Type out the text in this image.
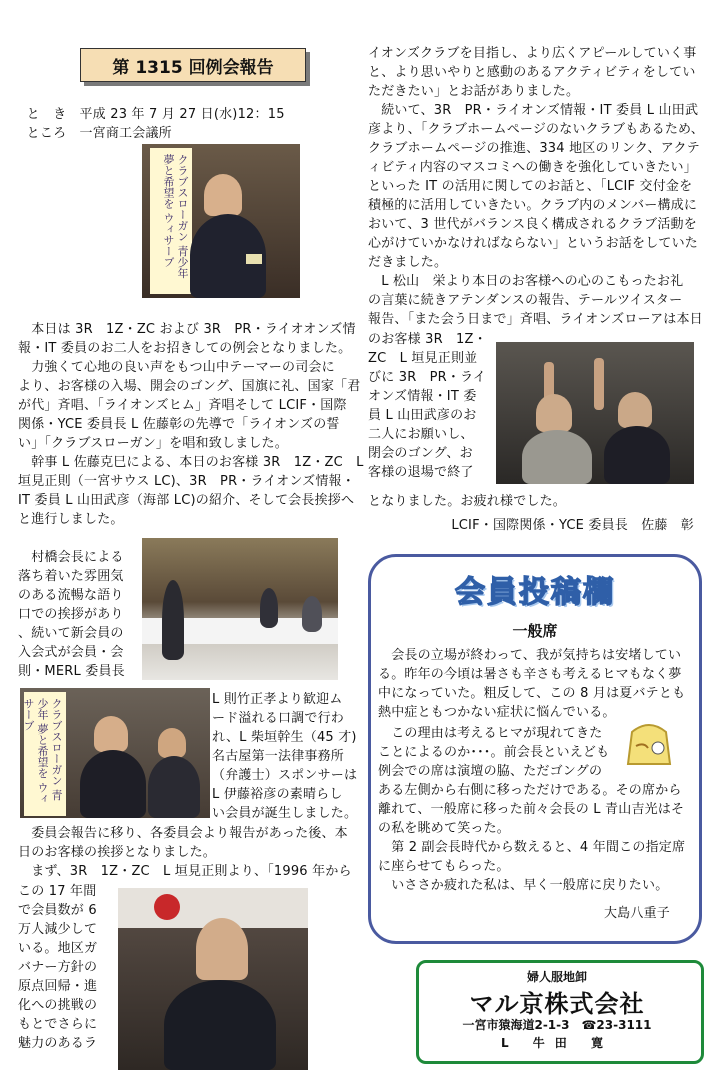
第 1315 回例会報告

と　き　 平成 23 年 7 月 27 日(水)12：15

ところ　 一宮商工会議所

クラブスローガン 青少年 夢と希望を ウィサーブ
　本日は 3R　1Z・ZC および 3R　PR・ライオオンズ情
報・IT 委員のお二人をお招きしての例会となりました。
　力強くて心地の良い声をもつ山中テーマーの司会に
より、お客様の入場、開会のゴング、国旗に礼、国家「君
が代」斉唱、「ライオンズヒム」斉唱そして LCIF・国際
関係・YCE 委員長 L 佐藤彰の先導で「ライオンズの誓
い」「クラブスローガン」を唱和致しました。
　幹事 L 佐藤克巳による、本日のお客様 3R　1Z・ZC　L
垣見正則（一宮サウス LC)、3R　PR・ライオンズ情報・
IT 委員 L 山田武彦（海部 LC)の紹介、そして会長挨拶へ
と進行しました。
　村橋会長による
落ち着いた雰囲気
のある流暢な語り
口での挨拶があり
、続いて新会員の
入会式が会員・会
則・MERL 委員長
クラブスローガン 青少年 夢と希望を ウィサーブ	L 則竹正孝より歓迎ム
ード溢れる口調で行わ
れ、L 柴垣幹生（45 才)
名古屋第一法律事務所
（弁護士）スポンサーは
L 伊藤裕彦の素晴らし
い会員が誕生しました。
　委員会報告に移り、各委員会より報告があった後、本
日のお客様の挨拶となりました。
　まず、3R　1Z・ZC　L 垣見正則より、「1996 年から
この 17 年間
で会員数が 6
万人減少して
いる。地区ガ
バナー方針の
原点回帰・進
化への挑戦の
もとでさらに
魅力のあるラ
イオンズクラブを目指し、より広くアピールしていく事
と、より思いやりと感動のあるアクティビティをしてい
ただきたい」とお話がありました。
　続いて、3R　PR・ライオンズ情報・IT 委員 L 山田武
彦より、「クラブホームページのないクラブもあるため、
クラブホームページの推進、334 地区のリンク、アクテ
ィビティ内容のマスコミへの働きを強化していきたい」
といった IT の活用に関してのお話と、「LCIF 交付金を
積極的に活用していきたい。クラブ内のメンバー構成に
おいて、3 世代がバランス良く構成されるクラブ活動を
心がけていかなければならない」というお話をしていた
だきました。
　L 松山　栄より本日のお客様への心のこもったお礼
の言葉に続きアテンダンスの報告、テールツイスター
報告、「また会う日まで」斉唱、ライオンズローアは本日
のお客様 3R　1Z・
ZC　L 垣見正則並
びに 3R　PR・ライ
オンズ情報・IT 委
員 L 山田武彦のお
二人にお願いし、
閉会のゴング、お
客様の退場で終了
となりました。お疲れ様でした。
LCIF・国際関係・YCE 委員長　佐藤　彰
会員投稿欄
一般席
　会長の立場が終わって、我が気持ちは安堵してい
る。昨年の今頃は暑さも辛さも考えるヒマもなく夢
中になっていた。粗反して、この 8 月は夏バテとも
熱中症ともつかない症状に悩んでいる。
　この理由は考えるヒマが現れてきた
ことによるのか･･･。前会長といえども
例会での席は演壇の脇、ただゴングの
ある左側から右側に移っただけである。その席から
離れて、一般席に移った前々会長の L 青山吉光はそ
の私を眺めて笑った。
　第 2 副会長時代から数えると、4 年間この指定席
に座らせてもらった。
　いささか疲れた私は、早く一般席に戻りたい。
大島八重子
婦人服地卸
マル京株式会社
一宮市猿海道2-1-3　☎23-3111
L 牛田 寛
